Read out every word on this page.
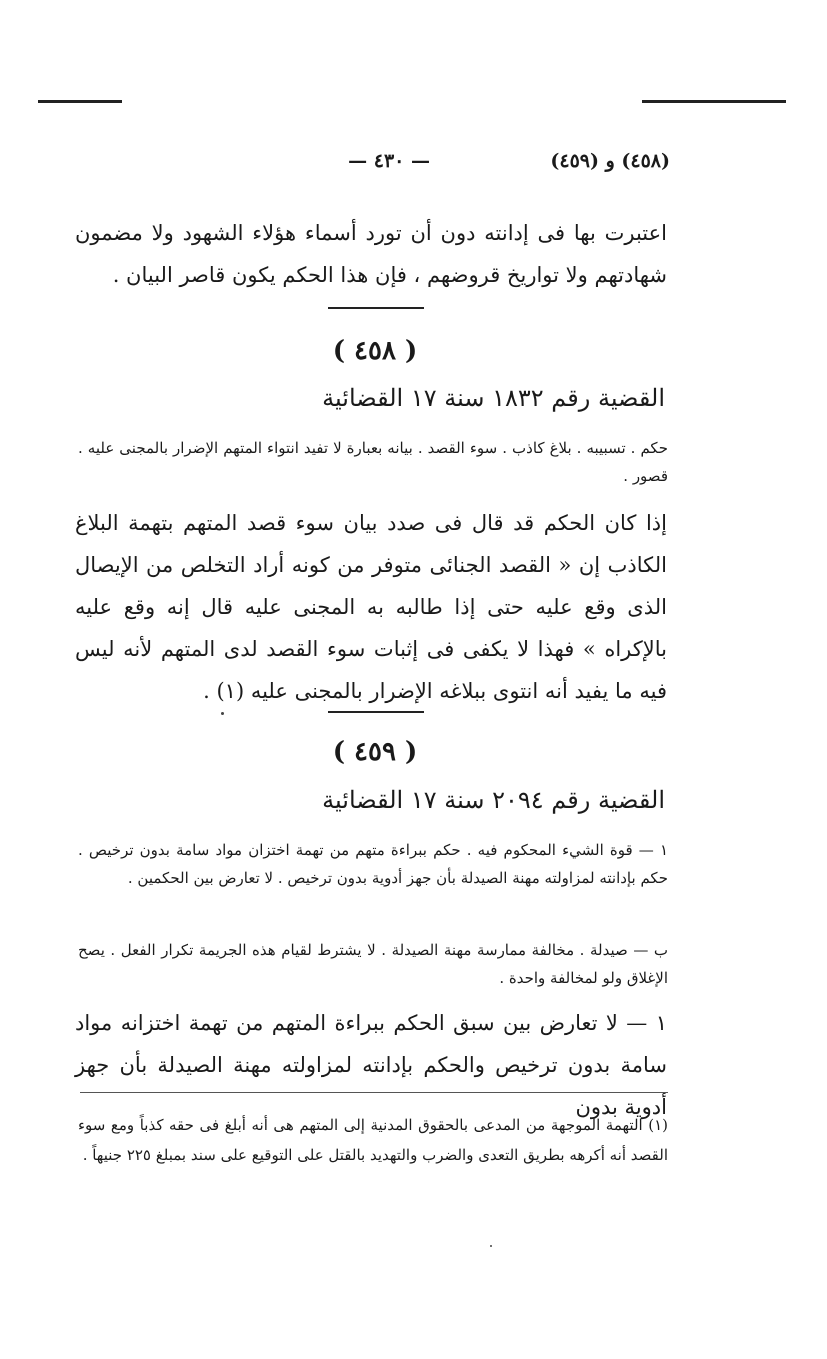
(٤٥٨) و (٤٥٩)
— ٤٣٠ —
اعتبرت بها فى إدانته دون أن تورد أسماء هؤلاء الشهود ولا مضمون شهادتهم ولا تواريخ قروضهم ، فإن هذا الحكم يكون قاصر البيان .
( ٤٥٨ )
القضية رقم ١٨٣٢ سنة ١٧ القضائية
حكم . تسبيبه . بلاغ كاذب . سوء القصد . بيانه بعبارة لا تفيد انتواء المتهم الإضرار بالمجنى عليه . قصور .
إذا كان الحكم قد قال فى صدد بيان سوء قصد المتهم بتهمة البلاغ الكاذب إن « القصد الجنائى متوفر من كونه أراد التخلص من الإيصال الذى وقع عليه حتى إذا طالبه به المجنى عليه قال إنه وقع عليه بالإكراه » فهذا لا يكفى فى إثبات سوء القصد لدى المتهم لأنه ليس فيه ما يفيد أنه انتوى ببلاغه الإضرار بالمجنى عليه (١) .
( ٤٥٩ )
القضية رقم ٢٠٩٤ سنة ١٧ القضائية
١ — قوة الشيء المحكوم فيه . حكم ببراءة متهم من تهمة اختزان مواد سامة بدون ترخيص . حكم بإدانته لمزاولته مهنة الصيدلة بأن جهز أدوية بدون ترخيص . لا تعارض بين الحكمين .
ب — صيدلة . مخالفة ممارسة مهنة الصيدلة . لا يشترط لقيام هذه الجريمة تكرار الفعل . يصح الإغلاق ولو لمخالفة واحدة .
١ — لا تعارض بين سبق الحكم ببراءة المتهم من تهمة اختزانه مواد سامة بدون ترخيص والحكم بإدانته لمزاولته مهنة الصيدلة بأن جهز أدوية بدون
(١) التهمة الموجهة من المدعى بالحقوق المدنية إلى المتهم هى أنه أبلغ فى حقه كذباً ومع سوء القصد أنه أكرهه بطريق التعدى والضرب والتهديد بالقتل على التوقيع على سند بمبلغ ٢٢٥ جنيهاً .
